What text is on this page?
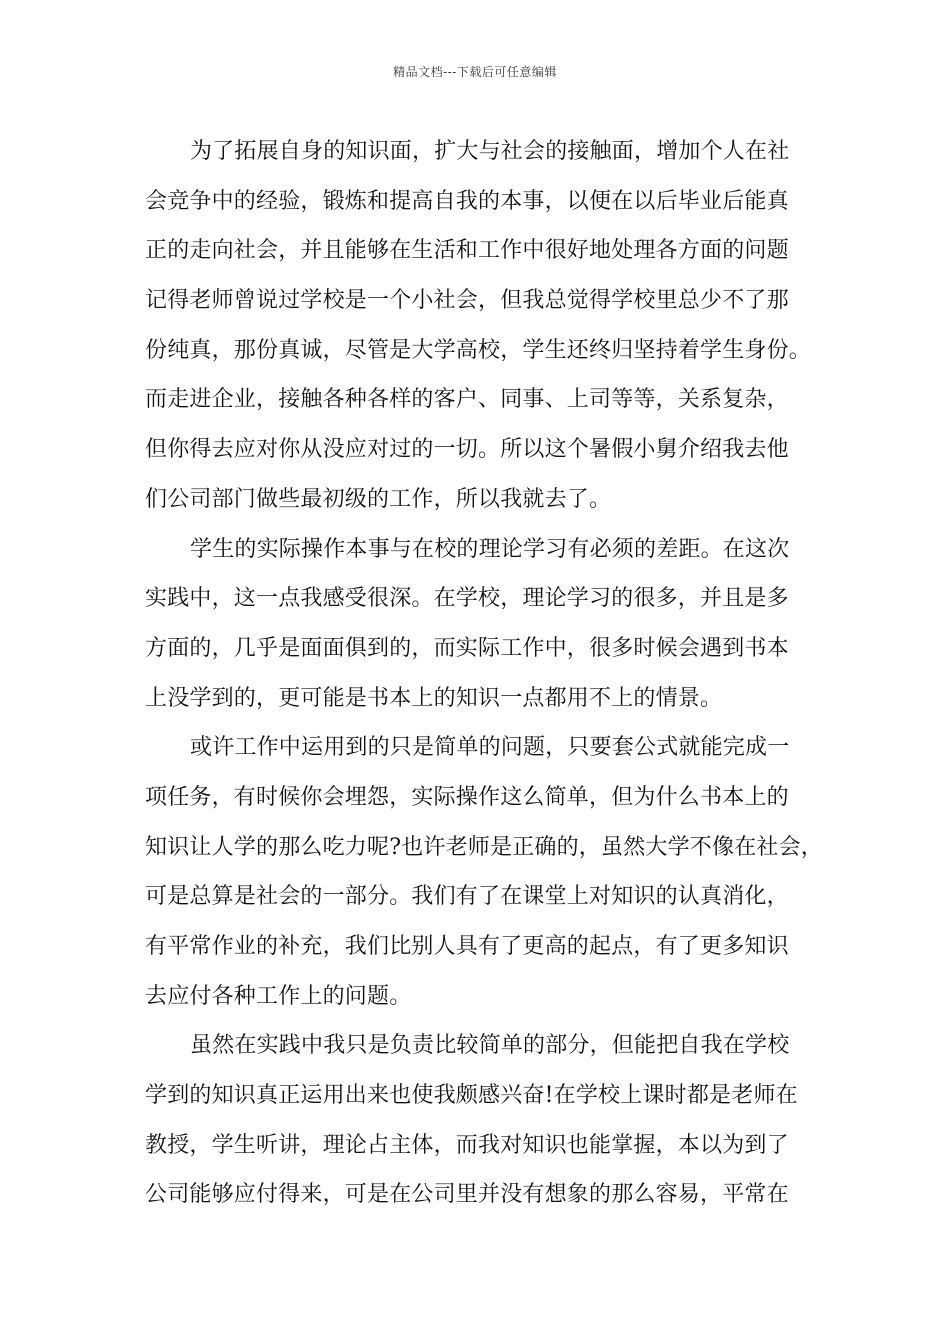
精品文档---下载后可任意编辑
为了拓展自身的知识面，扩大与社会的接触面，增加个人在社
会竞争中的经验，锻炼和提高自我的本事，以便在以后毕业后能真
正的走向社会，并且能够在生活和工作中很好地处理各方面的问题
记得老师曾说过学校是一个小社会，但我总觉得学校里总少不了那
份纯真，那份真诚，尽管是大学高校，学生还终归坚持着学生身份。
而走进企业，接触各种各样的客户、同事、上司等等，关系复杂，
但你得去应对你从没应对过的一切。所以这个暑假小舅介绍我去他
们公司部门做些最初级的工作，所以我就去了。
学生的实际操作本事与在校的理论学习有必须的差距。在这次
实践中，这一点我感受很深。在学校，理论学习的很多，并且是多
方面的，几乎是面面俱到的，而实际工作中，很多时候会遇到书本
上没学到的，更可能是书本上的知识一点都用不上的情景。
或许工作中运用到的只是简单的问题，只要套公式就能完成一
项任务，有时候你会埋怨，实际操作这么简单，但为什么书本上的
知识让人学的那么吃力呢?也许老师是正确的，虽然大学不像在社会，
可是总算是社会的一部分。我们有了在课堂上对知识的认真消化，
有平常作业的补充，我们比别人具有了更高的起点，有了更多知识
去应付各种工作上的问题。
虽然在实践中我只是负责比较简单的部分，但能把自我在学校
学到的知识真正运用出来也使我颇感兴奋!在学校上课时都是老师在
教授，学生听讲，理论占主体，而我对知识也能掌握，本以为到了
公司能够应付得来，可是在公司里并没有想象的那么容易，平常在
